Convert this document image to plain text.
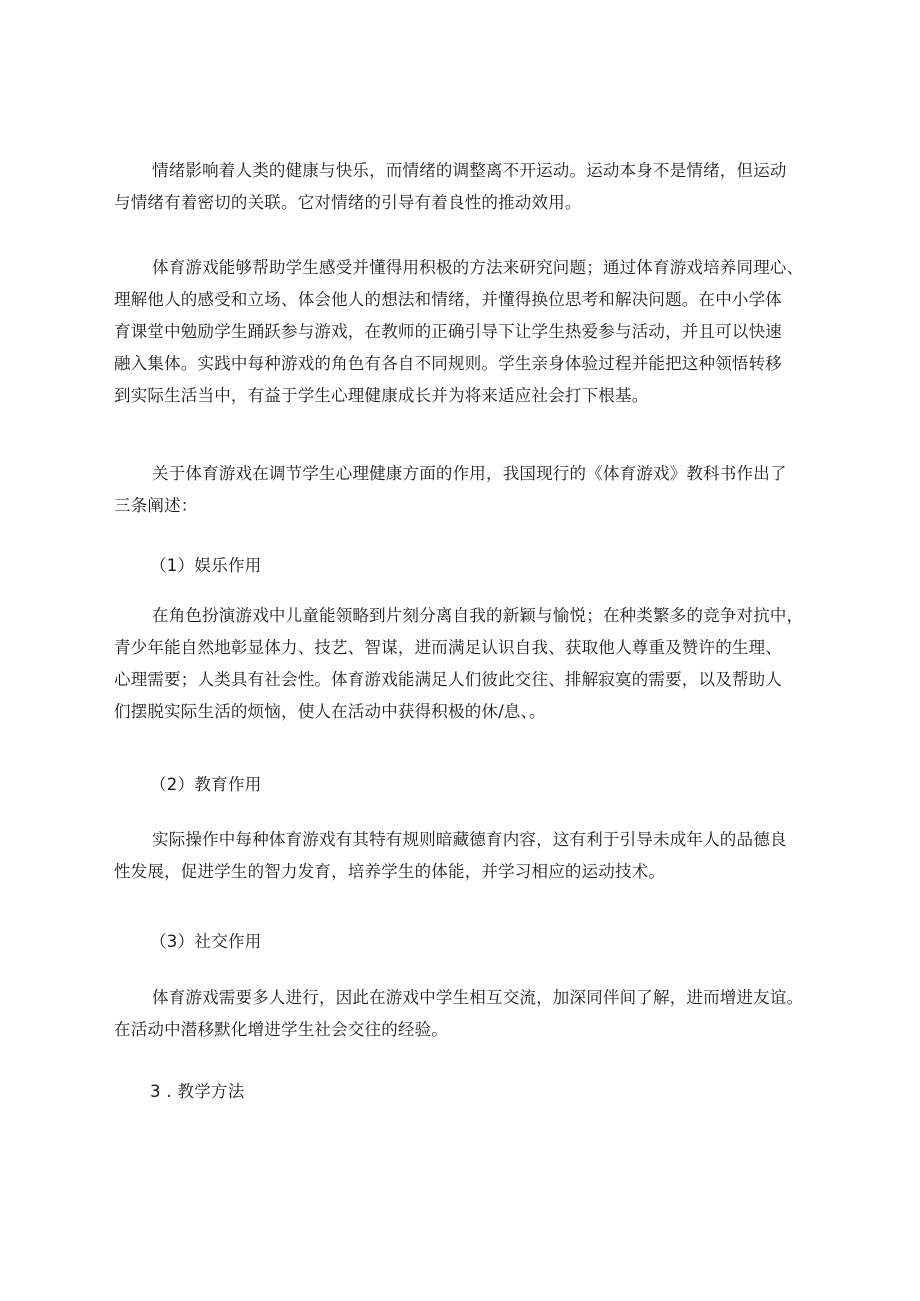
情绪影响着人类的健康与快乐，而情绪的调整离不开运动。运动本身不是情绪，但运动
与情绪有着密切的关联。它对情绪的引导有着良性的推动效用。
体育游戏能够帮助学生感受并懂得用积极的方法来研究问题；通过体育游戏培养同理心、
理解他人的感受和立场、体会他人的想法和情绪，并懂得换位思考和解决问题。在中小学体
育课堂中勉励学生踊跃参与游戏，在教师的正确引导下让学生热爱参与活动，并且可以快速
融入集体。实践中每种游戏的角色有各自不同规则。学生亲身体验过程并能把这种领悟转移
到实际生活当中，有益于学生心理健康成长并为将来适应社会打下根基。
关于体育游戏在调节学生心理健康方面的作用，我国现行的《体育游戏》教科书作出了
三条阐述：
（1）娱乐作用
在角色扮演游戏中儿童能领略到片刻分离自我的新颖与愉悦；在种类繁多的竞争对抗中，
青少年能自然地彰显体力、技艺、智谋，进而满足认识自我、获取他人尊重及赞许的生理、
心理需要；人类具有社会性。体育游戏能满足人们彼此交往、排解寂寞的需要，以及帮助人
们摆脱实际生活的烦恼，使人在活动中获得积极的休/息、。
（2）教育作用
实际操作中每种体育游戏有其特有规则暗藏德育内容，这有利于引导未成年人的品德良
性发展，促进学生的智力发育，培养学生的体能，并学习相应的运动技术。
（3）社交作用
体育游戏需要多人进行，因此在游戏中学生相互交流，加深同伴间了解，进而增进友谊。
在活动中潜移默化增进学生社会交往的经验。
3 . 教学方法
